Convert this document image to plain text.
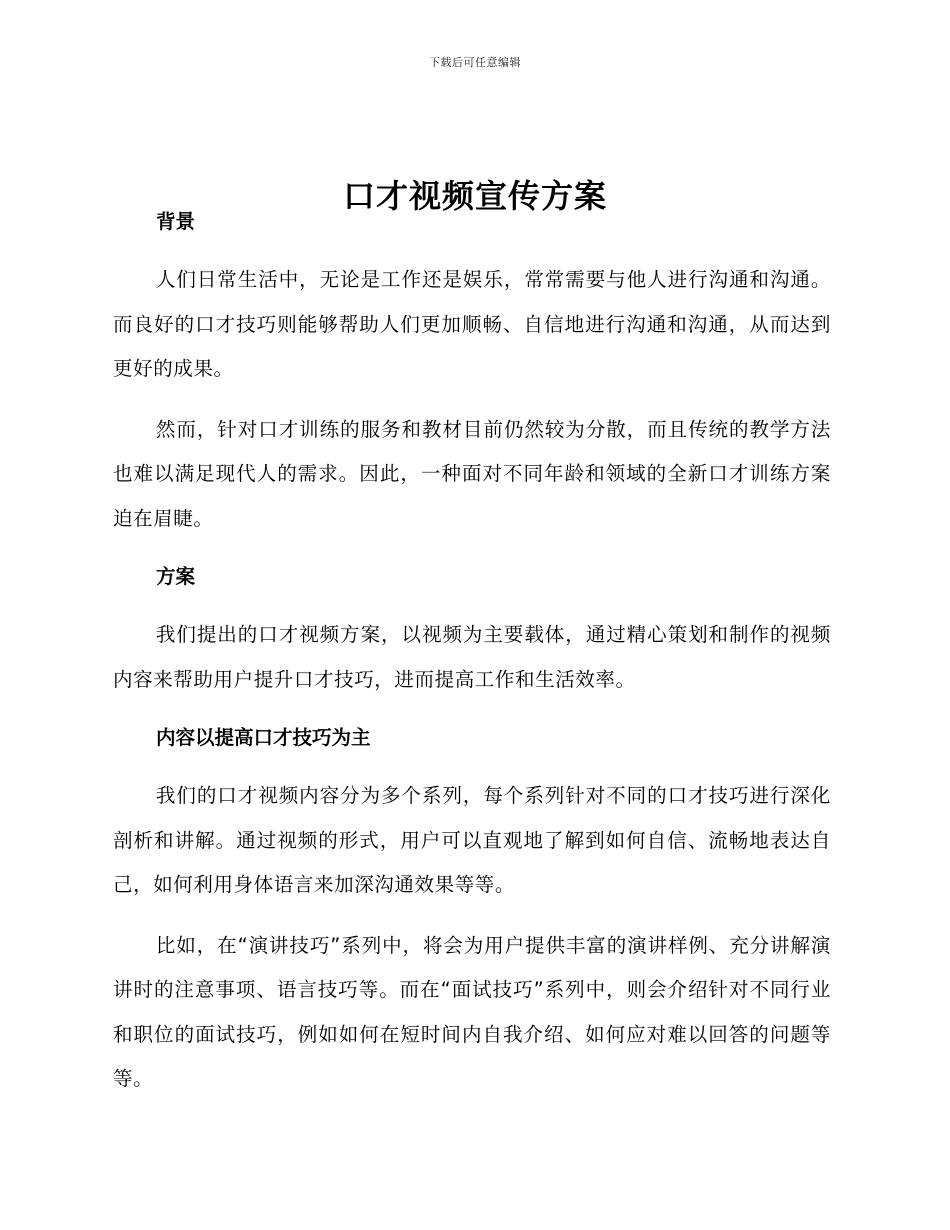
下载后可任意编辑
口才视频宣传方案
背景

人们日常生活中，无论是工作还是娱乐，常常需要与他人进行沟通和沟通。而良好的口才技巧则能够帮助人们更加顺畅、自信地进行沟通和沟通，从而达到更好的成果。

然而，针对口才训练的服务和教材目前仍然较为分散，而且传统的教学方法也难以满足现代人的需求。因此，一种面对不同年龄和领域的全新口才训练方案迫在眉睫。

方案

我们提出的口才视频方案，以视频为主要载体，通过精心策划和制作的视频内容来帮助用户提升口才技巧，进而提高工作和生活效率。

内容以提高口才技巧为主

我们的口才视频内容分为多个系列，每个系列针对不同的口才技巧进行深化剖析和讲解。通过视频的形式，用户可以直观地了解到如何自信、流畅地表达自己，如何利用身体语言来加深沟通效果等等。

比如，在“演讲技巧”系列中，将会为用户提供丰富的演讲样例、充分讲解演讲时的注意事项、语言技巧等。而在“面试技巧”系列中，则会介绍针对不同行业和职位的面试技巧，例如如何在短时间内自我介绍、如何应对难以回答的问题等等。
